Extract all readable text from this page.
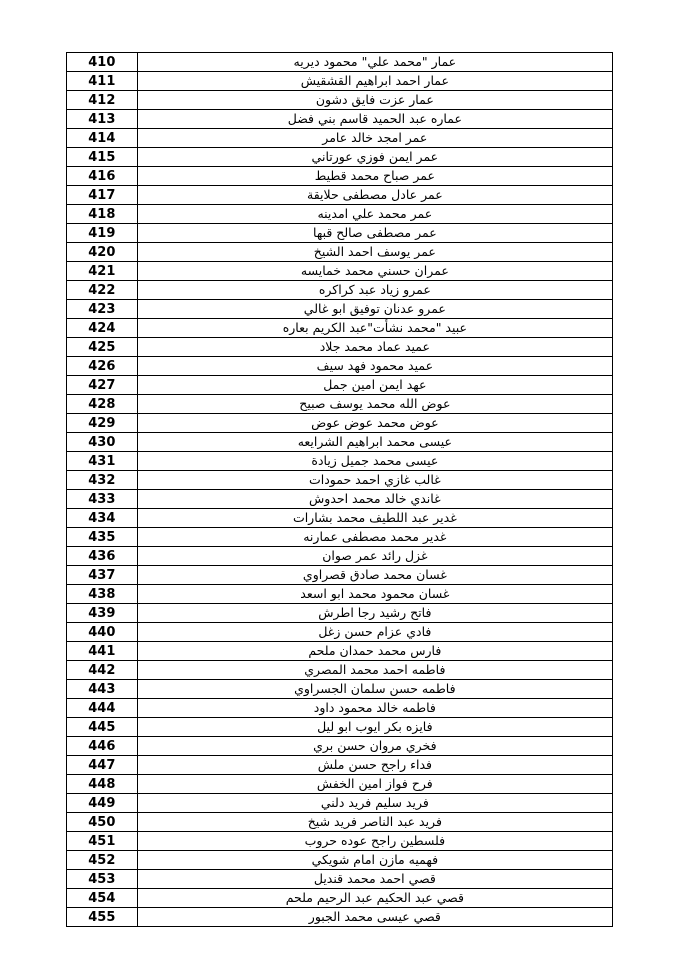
عمار "محمد علي" محمود ديريه	410
عمار احمد ابراهيم القشقيش	411
عمار عزت فايق دشون	412
عماره عبد الحميد قاسم بني فضل	413
عمر امجد خالد عامر	414
عمر ايمن فوزي عورتاني	415
عمر صباح محمد قطيط	416
عمر عادل مصطفى حلايقة	417
عمر محمد علي امدينه	418
عمر مصطفى صالح قبها	419
عمر يوسف احمد الشيخ	420
عمران حسني محمد خمايسه	421
عمرو زياد عبد كراكره	422
عمرو عدنان توفيق ابو غالي	423
عبيد "محمد نشأت"عبد الكريم بعاره	424
عميد عماد محمد جلاد	425
عميد محمود فهد سيف	426
عهد ايمن امين جمل	427
عوض الله محمد يوسف صبيح	428
عوض محمد عوض عوض	429
عيسى محمد ابراهيم الشرايعه	430
عيسى محمد جميل زيادة	431
غالب غازي احمد حمودات	432
غاندي خالد محمد احدوش	433
غدير عبد اللطيف محمد بشارات	434
غدير محمد مصطفى عمارنه	435
غزل رائد عمر صوان	436
غسان محمد صادق قصراوي	437
غسان محمود محمد ابو اسعد	438
فاتح رشيد رجا اطرش	439
فادي عزام حسن زغل	440
فارس محمد حمدان ملحم	441
فاطمه احمد محمد المصري	442
فاطمه حسن سلمان الجسراوي	443
فاطمه خالد محمود داود	444
فايزه بكر ايوب ابو ليل	445
فخري مروان حسن بري	446
فداء راجح حسن ملش	447
فرح فواز امين الخفش	448
فريد سليم فريد دلني	449
فريد عبد الناصر فريد شيخ	450
فلسطين راجح عوده حروب	451
فهميه مازن امام شويكي	452
قصي احمد محمد قنديل	453
قصي عبد الحكيم عبد الرحيم ملحم	454
قصي عيسى محمد الجبور	455
